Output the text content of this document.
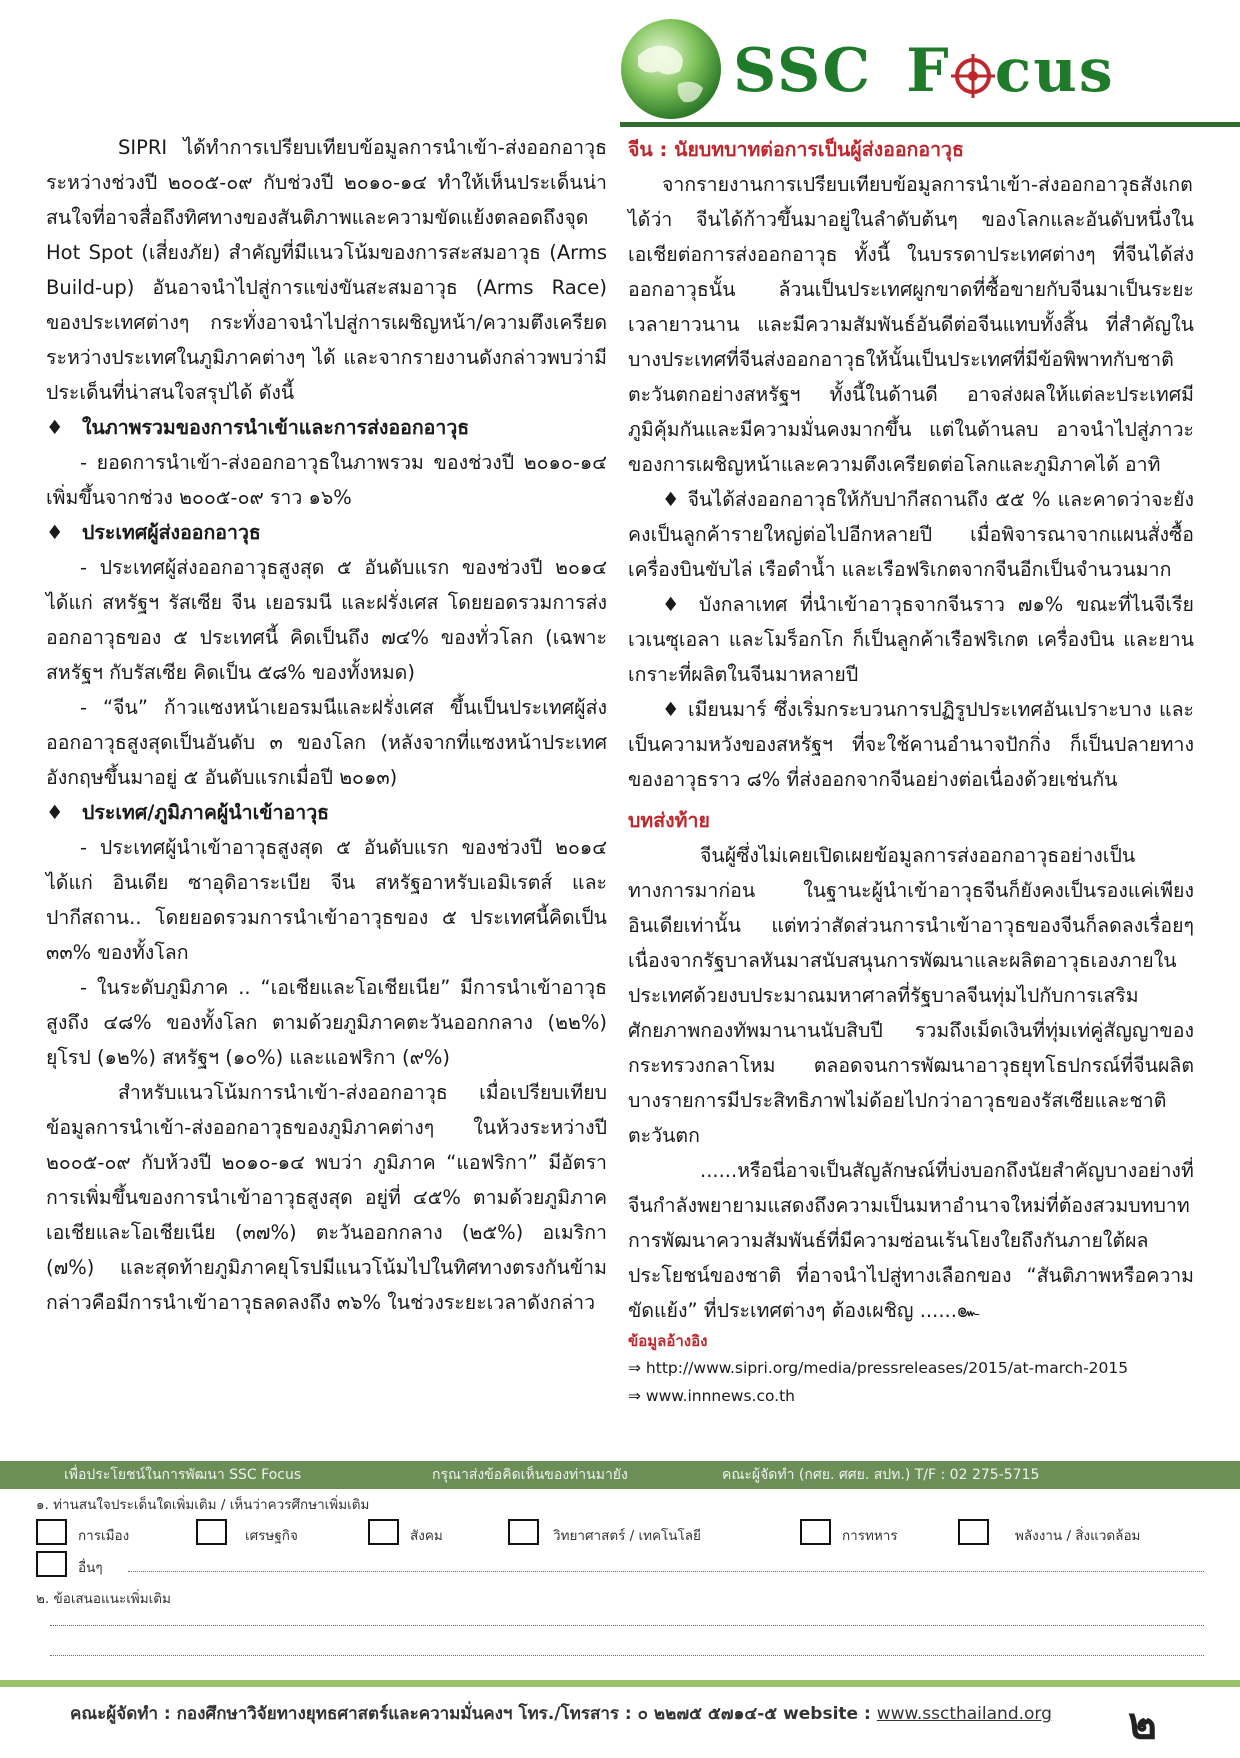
SSC F cus

SIPRI ได้ทำการเปรียบเทียบข้อมูลการนำเข้า-ส่งออกอาวุธระหว่างช่วงปี ๒๐๐๕-๐๙ กับช่วงปี ๒๐๑๐-๑๔ ทำให้เห็นประเด็นน่าสนใจที่อาจสื่อถึงทิศทางของสันติภาพและความขัดแย้งตลอดถึงจุด Hot Spot (เสี่ยงภัย) สำคัญที่มีแนวโน้มของการสะสมอาวุธ (Arms Build-up) อันอาจนำไปสู่การแข่งขันสะสมอาวุธ (Arms Race) ของประเทศต่างๆ กระทั่งอาจนำไปสู่การเผชิญหน้า/ความตึงเครียดระหว่างประเทศในภูมิภาคต่างๆ ได้ และจากรายงานดังกล่าวพบว่ามีประเด็นที่น่าสนใจสรุปได้ ดังนี้

♦ ในภาพรวมของการนำเข้าและการส่งออกอาวุธ

- ยอดการนำเข้า-ส่งออกอาวุธในภาพรวม ของช่วงปี ๒๐๑๐-๑๔ เพิ่มขึ้นจากช่วง ๒๐๐๕-๐๙ ราว ๑๖%

♦ ประเทศผู้ส่งออกอาวุธ

- ประเทศผู้ส่งออกอาวุธสูงสุด ๕ อันดับแรก ของช่วงปี ๒๐๑๔ ได้แก่ สหรัฐฯ รัสเซีย จีน เยอรมนี และฝรั่งเศส โดยยอดรวมการส่งออกอาวุธของ ๕ ประเทศนี้ คิดเป็นถึง ๗๔% ของทั่วโลก (เฉพาะสหรัฐฯ กับรัสเซีย คิดเป็น ๕๘% ของทั้งหมด)

- “จีน” ก้าวแซงหน้าเยอรมนีและฝรั่งเศส ขึ้นเป็นประเทศผู้ส่งออกอาวุธสูงสุดเป็นอันดับ ๓ ของโลก (หลังจากที่แซงหน้าประเทศอังกฤษขึ้นมาอยู่ ๕ อันดับแรกเมื่อปี ๒๐๑๓)

♦ ประเทศ/ภูมิภาคผู้นำเข้าอาวุธ

- ประเทศผู้นำเข้าอาวุธสูงสุด ๕ อันดับแรก ของช่วงปี ๒๐๑๔ ได้แก่ อินเดีย ซาอุดิอาระเบีย จีน สหรัฐอาหรับเอมิเรตส์ และปากีสถาน.. โดยยอดรวมการนำเข้าอาวุธของ ๕ ประเทศนี้คิดเป็น ๓๓% ของทั้งโลก

- ในระดับภูมิภาค .. “เอเชียและโอเชียเนีย” มีการนำเข้าอาวุธสูงถึง ๔๘% ของทั้งโลก ตามด้วยภูมิภาคตะวันออกกลาง (๒๒%) ยุโรป (๑๒%) สหรัฐฯ (๑๐%) และแอฟริกา (๙%)

สำหรับแนวโน้มการนำเข้า-ส่งออกอาวุธ เมื่อเปรียบเทียบข้อมูลการนำเข้า-ส่งออกอาวุธของภูมิภาคต่างๆ ในห้วงระหว่างปี ๒๐๐๕-๐๙ กับห้วงปี ๒๐๑๐-๑๔ พบว่า ภูมิภาค “แอฟริกา” มีอัตราการเพิ่มขึ้นของการนำเข้าอาวุธสูงสุด อยู่ที่ ๔๕% ตามด้วยภูมิภาคเอเชียและโอเชียเนีย (๓๗%) ตะวันออกกลาง (๒๕%) อเมริกา (๗%) และสุดท้ายภูมิภาคยุโรปมีแนวโน้มไปในทิศทางตรงกันข้าม กล่าวคือมีการนำเข้าอาวุธลดลงถึง ๓๖% ในช่วงระยะเวลาดังกล่าว

จีน : นัยบทบาทต่อการเป็นผู้ส่งออกอาวุธ

จากรายงานการเปรียบเทียบข้อมูลการนำเข้า-ส่งออกอาวุธสังเกตได้ว่า จีนได้ก้าวขึ้นมาอยู่ในลำดับต้นๆ ของโลกและอันดับหนึ่งในเอเชียต่อการส่งออกอาวุธ ทั้งนี้ ในบรรดาประเทศต่างๆ ที่จีนได้ส่งออกอาวุธนั้น ล้วนเป็นประเทศผูกขาดที่ซื้อขายกับจีนมาเป็นระยะเวลายาวนาน และมีความสัมพันธ์อันดีต่อจีนแทบทั้งสิ้น ที่สำคัญในบางประเทศที่จีนส่งออกอาวุธให้นั้นเป็นประเทศที่มีข้อพิพาทกับชาติตะวันตกอย่างสหรัฐฯ ทั้งนี้ในด้านดี อาจส่งผลให้แต่ละประเทศมีภูมิคุ้มกันและมีความมั่นคงมากขึ้น แต่ในด้านลบ อาจนำไปสู่ภาวะของการเผชิญหน้าและความตึงเครียดต่อโลกและภูมิภาคได้ อาทิ

♦ จีนได้ส่งออกอาวุธให้กับปากีสถานถึง ๕๕ % และคาดว่าจะยังคงเป็นลูกค้ารายใหญ่ต่อไปอีกหลายปี เมื่อพิจารณาจากแผนสั่งซื้อเครื่องบินขับไล่ เรือดำน้ำ และเรือฟริเกตจากจีนอีกเป็นจำนวนมาก

♦ บังกลาเทศ ที่นำเข้าอาวุธจากจีนราว ๗๑% ขณะที่ไนจีเรีย เวเนซุเอลา และโมร็อกโก ก็เป็นลูกค้าเรือฟริเกต เครื่องบิน และยานเกราะที่ผลิตในจีนมาหลายปี

♦ เมียนมาร์ ซึ่งเริ่มกระบวนการปฏิรูปประเทศอันเปราะบาง และเป็นความหวังของสหรัฐฯ ที่จะใช้คานอำนาจปักกิ่ง ก็เป็นปลายทางของอาวุธราว ๘% ที่ส่งออกจากจีนอย่างต่อเนื่องด้วยเช่นกัน

บทส่งท้าย

จีนผู้ซึ่งไม่เคยเปิดเผยข้อมูลการส่งออกอาวุธอย่างเป็นทางการมาก่อน ในฐานะผู้นำเข้าอาวุธจีนก็ยังคงเป็นรองแค่เพียงอินเดียเท่านั้น แต่ทว่าสัดส่วนการนำเข้าอาวุธของจีนก็ลดลงเรื่อยๆ เนื่องจากรัฐบาลหันมาสนับสนุนการพัฒนาและผลิตอาวุธเองภายในประเทศด้วยงบประมาณมหาศาลที่รัฐบาลจีนทุ่มไปกับการเสริมศักยภาพกองทัพมานานนับสิบปี รวมถึงเม็ดเงินที่ทุ่มเท่คู่สัญญาของกระทรวงกลาโหม ตลอดจนการพัฒนาอาวุธยุทโธปกรณ์ที่จีนผลิตบางรายการมีประสิทธิภาพไม่ด้อยไปกว่าอาวุธของรัสเซียและชาติตะวันตก

......หรือนี่อาจเป็นสัญลักษณ์ที่บ่งบอกถึงนัยสำคัญบางอย่างที่จีนกำลังพยายามแสดงถึงความเป็นมหาอำนาจใหม่ที่ต้องสวมบทบาท การพัฒนาความสัมพันธ์ที่มีความซ่อนเร้นโยงใยถึงกันภายใต้ผลประโยชน์ของชาติ ที่อาจนำไปสู่ทางเลือกของ “สันติภาพหรือความขัดแย้ง” ที่ประเทศต่างๆ ต้องเผชิญ ......๛

ข้อมูลอ้างอิง

⇒ http://www.sipri.org/media/pressreleases/2015/at-march-2015

⇒ www.innnews.co.th

เพื่อประโยชน์ในการพัฒนา SSC Focus	กรุณาส่งข้อคิดเห็นของท่านมายัง	คณะผู้จัดทำ (กศย. ศศย. สปท.) T/F : 02 275-5715
๑. ท่านสนใจประเด็นใดเพิ่มเติม / เห็นว่าควรศึกษาเพิ่มเติม
การเมือง	เศรษฐกิจ	สังคม	วิทยาศาสตร์ / เทคโนโลยี	การทหาร	พลังงาน / สิ่งแวดล้อม
อื่นๆ
๒. ข้อเสนอแนะเพิ่มเติม
คณะผู้จัดทำ : กองศึกษาวิจัยทางยุทธศาสตร์และความมั่นคงฯ โทร./โทรสาร : ๐ ๒๒๗๕ ๕๗๑๔-๕ website : www.sscthailand.org ๒
